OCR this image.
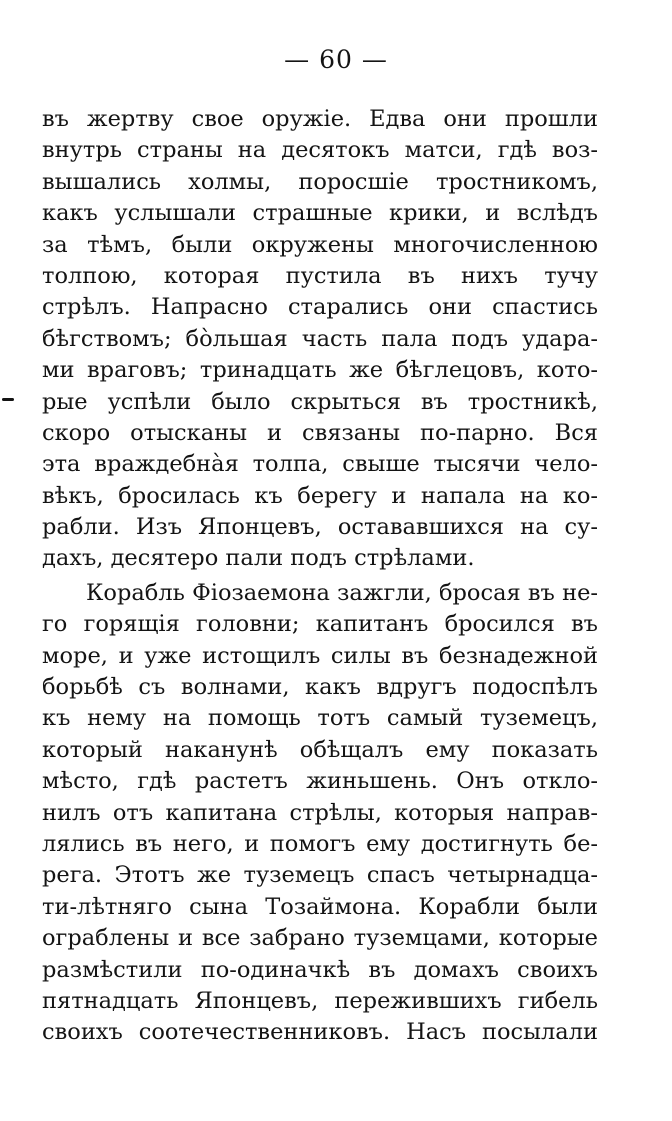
— 60 —
въ жертву свое оружіе. Едва они прошли
внутрь страны на десятокъ матси, гдѣ воз-
вышались холмы, поросшіе тростникомъ,
какъ услышали страшные крики, и вслѣдъ
за тѣмъ, были окружены многочисленною
толпою, которая пустила въ нихъ тучу
стрѣлъ. Напрасно старались они спастись
бѣгствомъ; бо̀льшая часть пала подъ удара-
ми враговъ; тринадцать же бѣглецовъ, кото-
рые успѣли было скрыться въ тростникѣ,
скоро отысканы и связаны по-парно. Вся
эта враждебна̀я толпа, свыше тысячи чело-
вѣкъ, бросилась къ берегу и напала на ко-
рабли. Изъ Японцевъ, остававшихся на су-
дахъ, десятеро пали подъ стрѣлами.
Корабль Фіозаемона зажгли, бросая въ не-
го горящія головни; капитанъ бросился въ
море, и уже истощилъ силы въ безнадежной
борьбѣ съ волнами, какъ вдругъ подоспѣлъ
къ нему на помощь тотъ самый туземецъ,
который наканунѣ обѣщалъ ему показать
мѣсто, гдѣ растетъ жиньшень. Онъ откло-
нилъ отъ капитана стрѣлы, которыя направ-
лялись въ него, и помогъ ему достигнуть бе-
рега. Этотъ же туземецъ спасъ четырнадца-
ти-лѣтняго сына Тозаймона. Корабли были
ограблены и все забрано туземцами, которые
размѣстили по-одиначкѣ въ домахъ своихъ
пятнадцать Японцевъ, пережившихъ гибель
своихъ соотечественниковъ. Насъ посылали
